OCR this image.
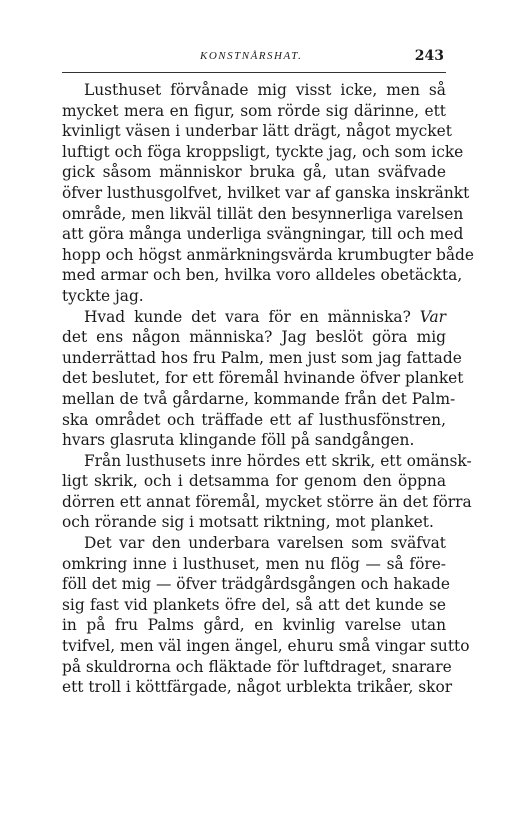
KONSTNÅRSHAT.	243
Lusthuset förvånade mig visst icke, men så
mycket mera en figur, som rörde sig därinne, ett
kvinligt väsen i underbar lätt drägt, något mycket
luftigt och föga kroppsligt, tyckte jag, och som icke
gick såsom människor bruka gå, utan sväfvade
öfver lusthusgolfvet, hvilket var af ganska inskränkt
område, men likväl tillät den besynnerliga varelsen
att göra många underliga svängningar, till och med
hopp och högst anmärkningsvärda krumbugter både
med armar och ben, hvilka voro alldeles obetäckta,
tyckte jag.
Hvad kunde det vara för en människa? Var
det ens någon människa? Jag beslöt göra mig
underrättad hos fru Palm, men just som jag fattade
det beslutet, for ett föremål hvinande öfver planket
mellan de två gårdarne, kommande från det Palm-
ska området och träffade ett af lusthusfönstren,
hvars glasruta klingande föll på sandgången.
Från lusthusets inre hördes ett skrik, ett omänsk-
ligt skrik, och i detsamma for genom den öppna
dörren ett annat föremål, mycket större än det förra
och rörande sig i motsatt riktning, mot planket.
Det var den underbara varelsen som sväfvat
omkring inne i lusthuset, men nu flög — så före-
föll det mig — öfver trädgårdsgången och hakade
sig fast vid plankets öfre del, så att det kunde se
in på fru Palms gård, en kvinlig varelse utan
tvifvel, men väl ingen ängel, ehuru små vingar sutto
på skuldrorna och fläktade för luftdraget, snarare
ett troll i köttfärgade, något urblekta trikåer, skor
